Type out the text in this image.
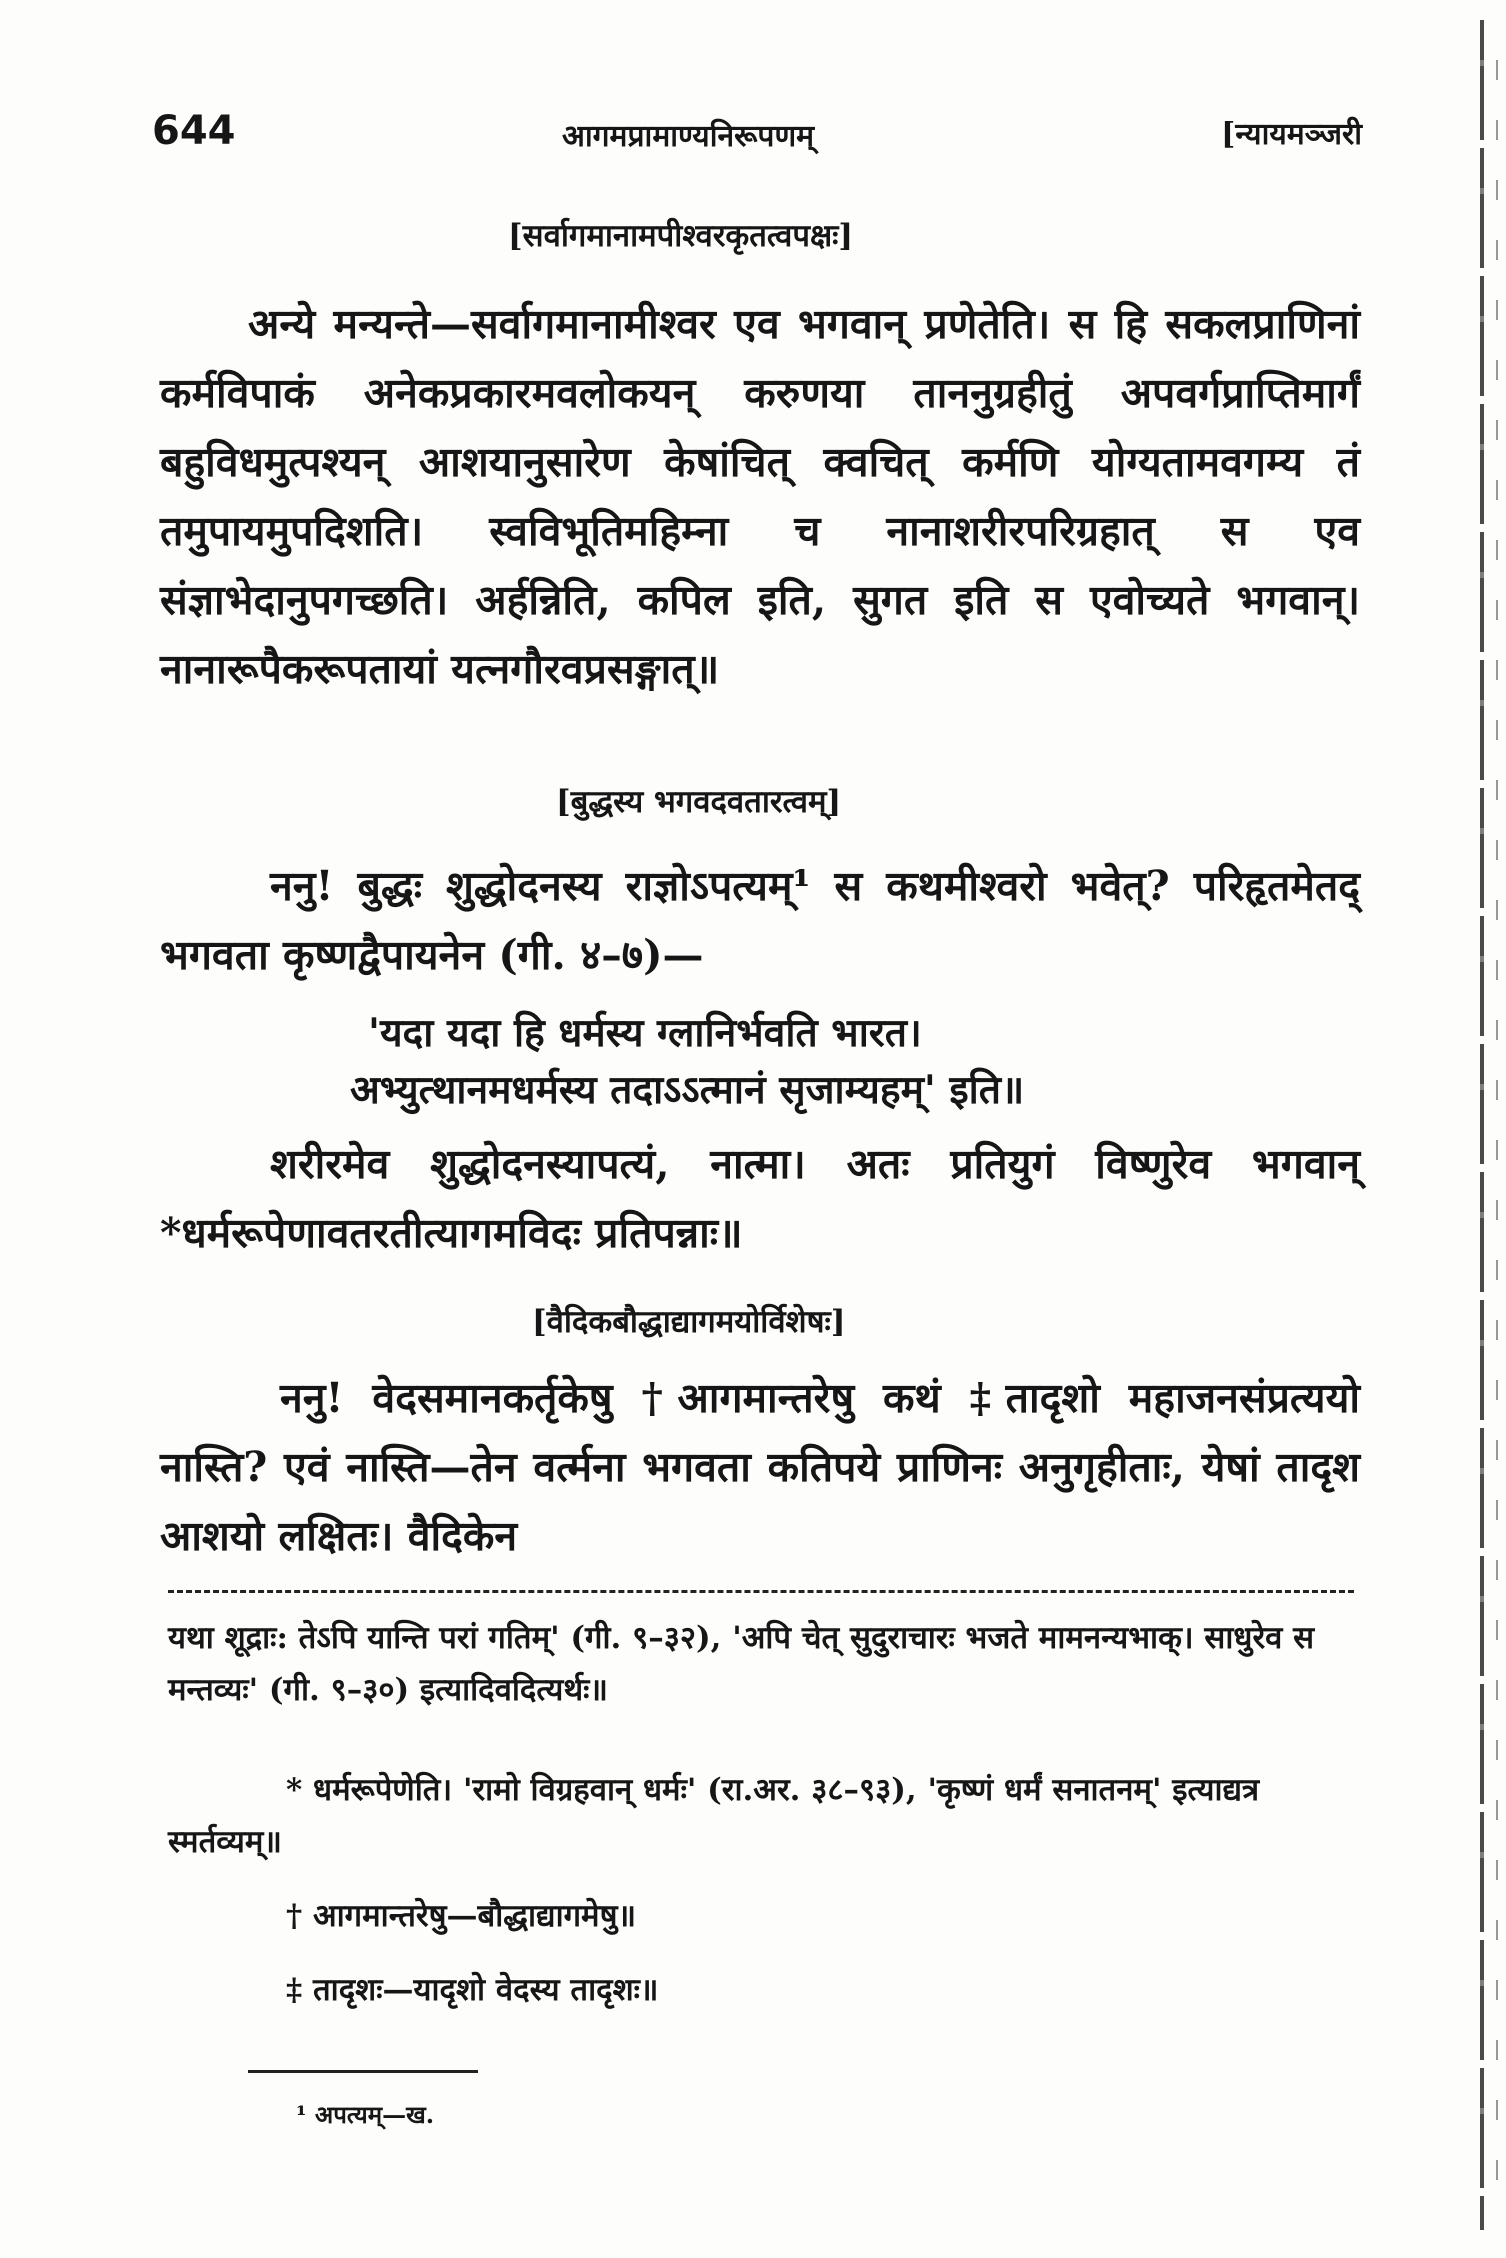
644	आगमप्रामाण्यनिरूपणम्	[न्यायमञ्जरी
[सर्वागमानामपीश्वरकृतत्वपक्षः]
अन्ये मन्यन्ते—सर्वागमानामीश्वर एव भगवान् प्रणेतेति। स हि सकलप्राणिनां कर्मविपाकं अनेकप्रकारमवलोकयन् करुणया ताननुग्रहीतुं अपवर्गप्राप्तिमार्गं बहुविधमुत्पश्यन् आशयानुसारेण केषांचित् क्वचित् कर्मणि योग्यतामवगम्य तं तमुपायमुपदिशति। स्वविभूतिमहिम्ना च नानाशरीरपरिग्रहात् स एव संज्ञाभेदानुपगच्छति। अर्हन्निति, कपिल इति, सुगत इति स एवोच्यते भगवान्। नानारूपैकरूपतायां यत्नगौरवप्रसङ्गात्॥
[बुद्धस्य भगवदवतारत्वम्]
ननु! बुद्धः शुद्धोदनस्य राज्ञोऽपत्यम्¹ स कथमीश्वरो भवेत्? परिहृतमेतद् भगवता कृष्णद्वैपायनेन (गी. ४–७)—
'यदा यदा हि धर्मस्य ग्लानिर्भवति भारत।
अभ्युत्थानमधर्मस्य तदाऽऽत्मानं सृजाम्यहम्' इति॥
शरीरमेव शुद्धोदनस्यापत्यं, नात्मा। अतः प्रतियुगं विष्णुरेव भगवान् *धर्मरूपेणावतरतीत्यागमविदः प्रतिपन्नाः॥
[वैदिकबौद्धाद्यागमयोर्विशेषः]
ननु! वेदसमानकर्तृकेषु †आगमान्तरेषु कथं ‡तादृशो महाजनसंप्रत्ययो नास्ति? एवं नास्ति—तेन वर्त्मना भगवता कतिपये प्राणिनः अनुगृहीताः, येषां तादृश आशयो लक्षितः। वैदिकेन
यथा शूद्राः: तेऽपि यान्ति परां गतिम्' (गी. ९–३२), 'अपि चेत् सुदुराचारः भजते मामनन्यभाक्। साधुरेव स मन्तव्यः' (गी. ९–३०) इत्यादिवदित्यर्थः॥
* धर्मरूपेणेति। 'रामो विग्रहवान् धर्मः' (रा.अर. ३८–९३), 'कृष्णं धर्मं सनातनम्' इत्याद्यत्र स्मर्तव्यम्॥
† आगमान्तरेषु—बौद्धाद्यागमेषु॥
‡ तादृशः—यादृशो वेदस्य तादृशः॥
¹ अपत्यम्—ख.
